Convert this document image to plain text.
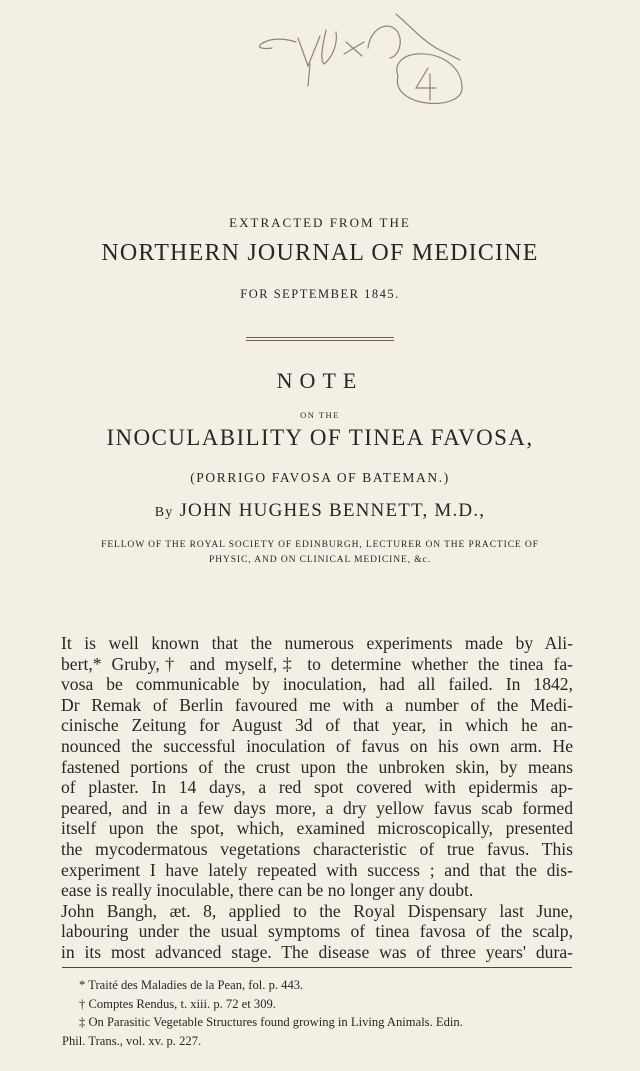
EXTRACTED FROM THE
NORTHERN JOURNAL OF MEDICINE
FOR SEPTEMBER 1845.
NOTE
ON THE
INOCULABILITY OF TINEA FAVOSA,
(PORRIGO FAVOSA OF BATEMAN.)
By JOHN HUGHES BENNETT, M.D.,
FELLOW OF THE ROYAL SOCIETY OF EDINBURGH, LECTURER ON THE PRACTICE OF
PHYSIC, AND ON CLINICAL MEDICINE, &c.
It is well known that the numerous experiments made by Ali-
bert,* Gruby,† and myself,‡ to determine whether the tinea fa-
vosa be communicable by inoculation, had all failed. In 1842,
Dr Remak of Berlin favoured me with a number of the Medi-
cinische Zeitung for August 3d of that year, in which he an-
nounced the successful inoculation of favus on his own arm. He
fastened portions of the crust upon the unbroken skin, by means
of plaster. In 14 days, a red spot covered with epidermis ap-
peared, and in a few days more, a dry yellow favus scab formed
itself upon the spot, which, examined microscopically, presented
the mycodermatous vegetations characteristic of true favus. This
experiment I have lately repeated with success ; and that the dis-
ease is really inoculable, there can be no longer any doubt.
John Bangh, æt. 8, applied to the Royal Dispensary last June,
labouring under the usual symptoms of tinea favosa of the scalp,
in its most advanced stage. The disease was of three years' dura-
* Traité des Maladies de la Pean, fol. p. 443.
† Comptes Rendus, t. xiii. p. 72 et 309.
‡ On Parasitic Vegetable Structures found growing in Living Animals. Edin.
Phil. Trans., vol. xv. p. 227.
